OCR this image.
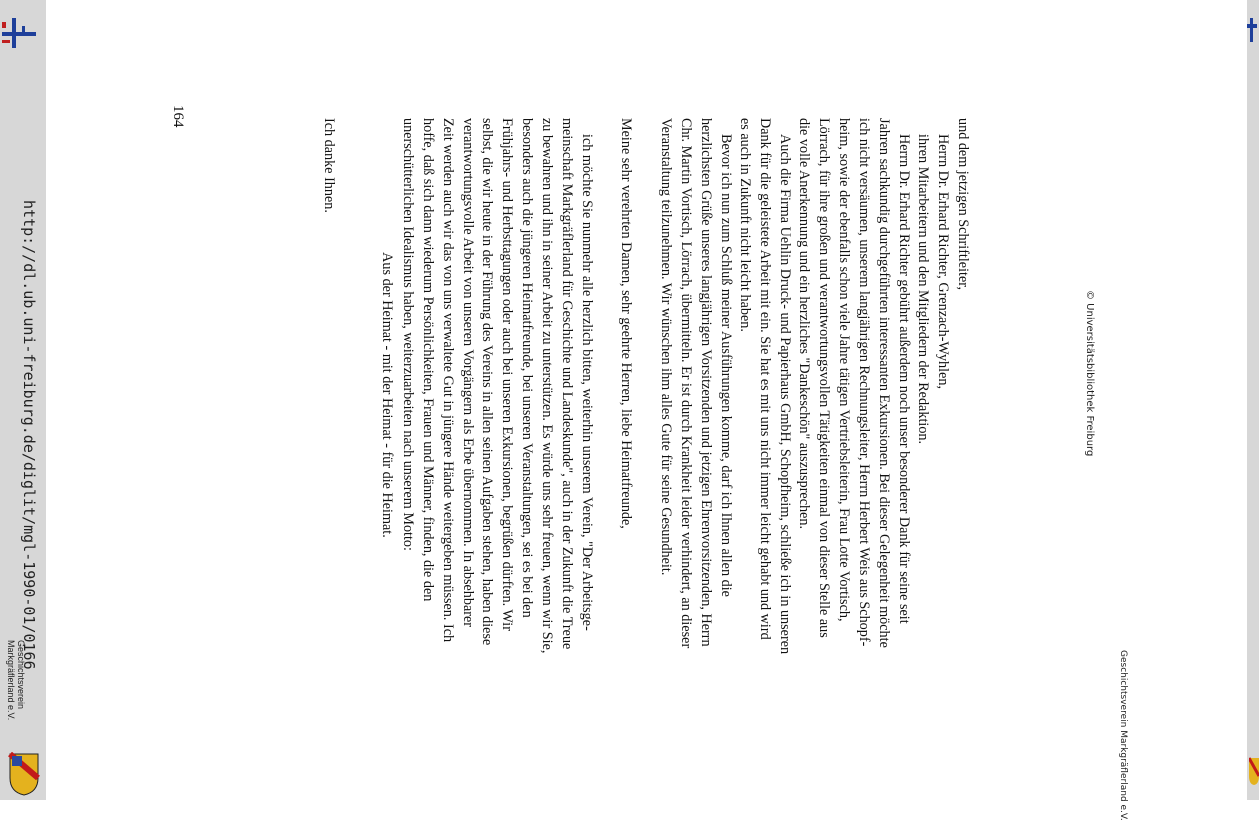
http://dl.ub.uni-freiburg.de/diglit/mgl-1990-01/0166
Geschichtsverein
Markgräflerland e.V.
© Universitätsbibliothek Freiburg
Geschichtsverein Markgräflerland e.V.

und dem jetzigen Schriftleiter,
Herrn Dr. Erhard Richter, Grenzach-Wyhlen,
ihren Mitarbeitern und den Mitgliedern der Redaktion.

Herrn Dr. Erhard Richter gebührt außerdem noch unser besonderer Dank für seine seit
Jahren sachkundig durchgeführten interessanten Exkursionen. Bei dieser Gelegenheit möchte
ich nicht versäumen, unserem langjährigen Rechnungsleiter, Herrn Herbert Weis aus Schopf-
heim, sowie der ebenfalls schon viele Jahre tätigen Vertriebsleiterin, Frau Lotte Vortisch,
Lörrach, für ihre großen und verantwortungsvollen Tätigkeiten einmal von dieser Stelle aus
die volle Anerkennung und ein herzliches "Dankeschön" auszusprechen.

Auch die Firma Uehlin Druck- und Papierhaus GmbH, Schopfheim, schließe ich in unseren
Dank für die geleistete Arbeit mit ein. Sie hat es mit uns nicht immer leicht gehabt und wird
es auch in Zukunft nicht leicht haben.

Bevor ich nun zum Schluß meiner Ausführungen komme, darf ich Ihnen allen die
herzlichsten Grüße unseres langjährigen Vorsitzenden und jetzigen Ehrenvorsitzenden, Herrn
Chr. Martin Vortisch, Lörrach, übermitteln. Er ist durch Krankheit leider verhindert, an dieser
Veranstaltung teilzunehmen. Wir wünschen ihm alles Gute für seine Gesundheit.

Meine sehr verehrten Damen, sehr geehrte Herren, liebe Heimatfreunde,

ich möchte Sie nunmehr alle herzlich bitten, weiterhin unserem Verein, "Der Arbeitsge-
meinschaft Markgräflerland für Geschichte und Landeskunde", auch in der Zukunft die Treue
zu bewahren und ihn in seiner Arbeit zu unterstützen. Es würde uns sehr freuen, wenn wir Sie,
besonders auch die jüngeren Heimatfreunde, bei unseren Veranstaltungen, sei es bei den
Frühjahrs- und Herbsttagungen oder auch bei unseren Exkursionen, begrüßen dürften. Wir
selbst, die wir heute in der Führung des Vereins in allen seinen Aufgaben stehen, haben diese
verantwortungsvolle Arbeit von unseren Vorgängern als Erbe übernommen. In absehbarer
Zeit werden auch wir das von uns verwaltete Gut in jüngere Hände weitergeben müssen. Ich
hoffe, daß sich dann wiederum Persönlichkeiten, Frauen und Männer, finden, die den
unerschütterlichen Idealismus haben, weiterzuarbeiten nach unserem Motto:

Aus der Heimat - mit der Heimat - für die Heimat.

Ich danke Ihnen.

164
